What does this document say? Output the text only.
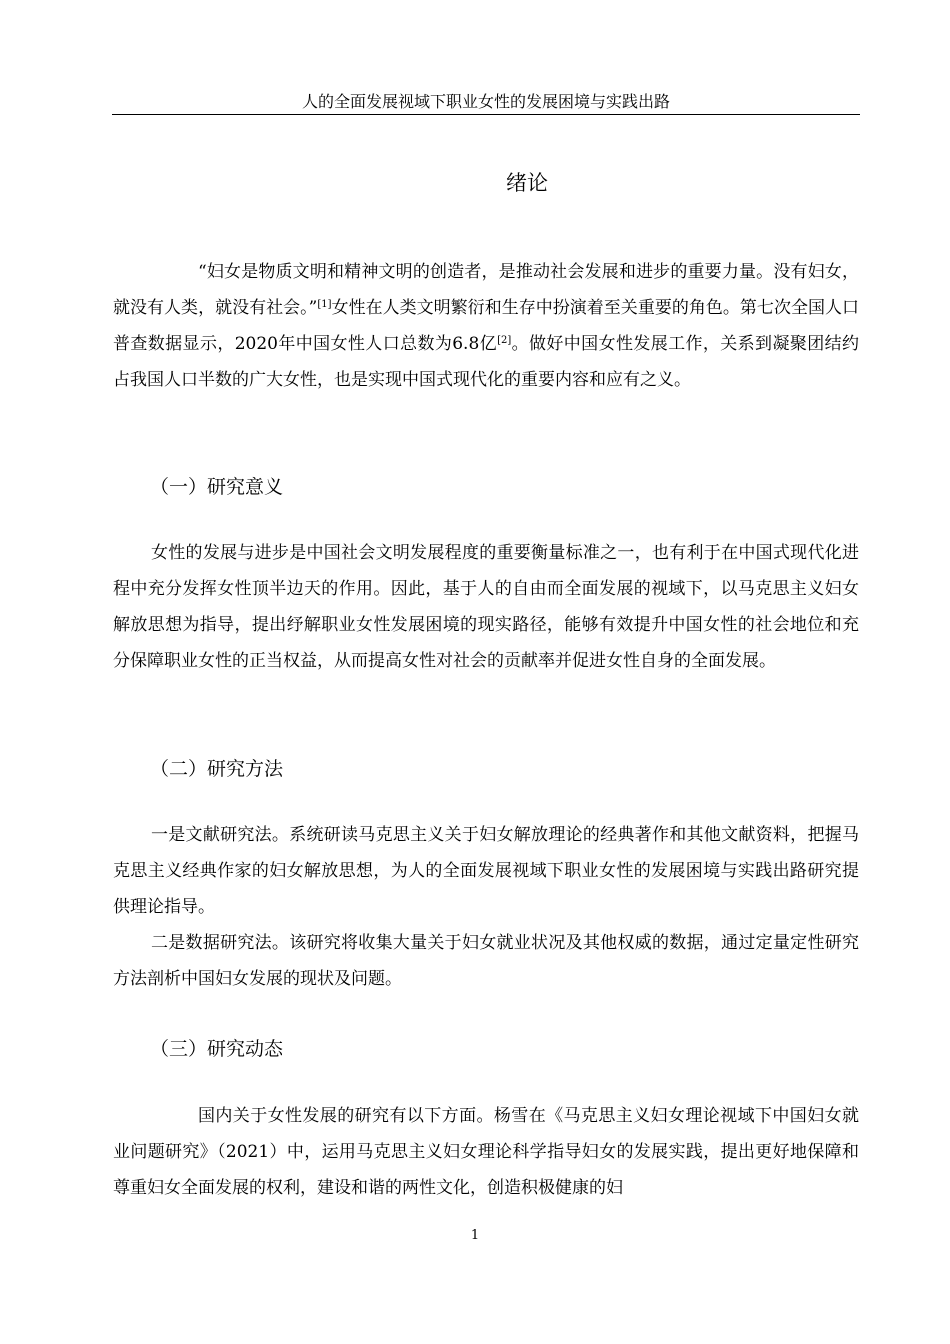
人的全面发展视域下职业女性的发展困境与实践出路
绪论

“妇女是物质文明和精神文明的创造者，是推动社会发展和进步的重要力量。没有妇女，就没有人类，就没有社会。”[1]女性在人类文明繁衍和生存中扮演着至关重要的角色。第七次全国人口普查数据显示，2020年中国女性人口总数为6.8亿[2]。做好中国女性发展工作，关系到凝聚团结约占我国人口半数的广大女性，也是实现中国式现代化的重要内容和应有之义。

（一）研究意义

女性的发展与进步是中国社会文明发展程度的重要衡量标准之一，也有利于在中国式现代化进程中充分发挥女性顶半边天的作用。因此，基于人的自由而全面发展的视域下，以马克思主义妇女解放思想为指导，提出纾解职业女性发展困境的现实路径，能够有效提升中国女性的社会地位和充分保障职业女性的正当权益，从而提高女性对社会的贡献率并促进女性自身的全面发展。

（二）研究方法

一是文献研究法。系统研读马克思主义关于妇女解放理论的经典著作和其他文献资料，把握马克思主义经典作家的妇女解放思想，为人的全面发展视域下职业女性的发展困境与实践出路研究提供理论指导。

二是数据研究法。该研究将收集大量关于妇女就业状况及其他权威的数据，通过定量定性研究方法剖析中国妇女发展的现状及问题。

（三）研究动态

国内关于女性发展的研究有以下方面。杨雪在《马克思主义妇女理论视域下中国妇女就业问题研究》（2021）中，运用马克思主义妇女理论科学指导妇女的发展实践，提出更好地保障和尊重妇女全面发展的权利，建设和谐的两性文化，创造积极健康的妇

1
